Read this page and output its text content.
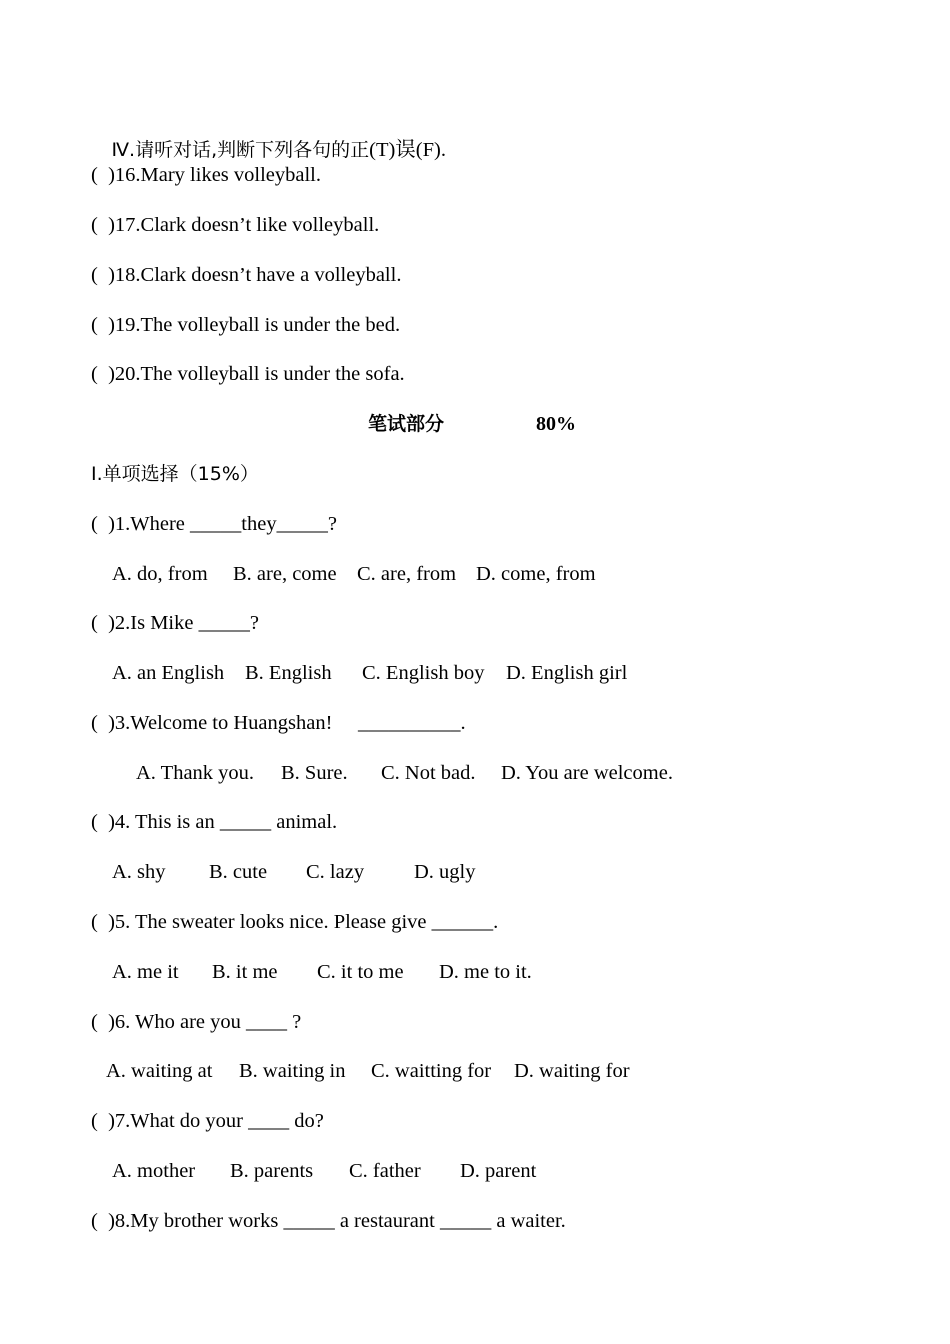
Ⅳ.请听对话,判断下列各句的正(T)误(F).

(  )16.Mary likes volleyball.
(  )17.Clark doesn’t like volleyball.
(  )18.Clark doesn’t have a volleyball.
(  )19.The volleyball is under the bed.
(  )20.The volleyball is under the sofa.
笔试部分	80%
I.单项选择（15%）
(  )1.Where _____they_____?
A. do, from B. are, come C. are, from D. come, from
(  )2.Is Mike _____?
A. an English B. English C. English boy D. English girl
(  )3.Welcome to Huangshan!     __________.
A. Thank you. B. Sure. C. Not bad. D. You are welcome.
(  )4. This is an _____ animal.
A. shy B. cute C. lazy D. ugly
(  )5. The sweater looks nice. Please give ______.
A. me it B. it me C. it to me D. me to it.
(  )6. Who are you ____ ?
A. waiting at B. waiting in C. waitting for D. waiting for
(  )7.What do your ____ do?
A. mother B. parents C. father D. parent
(  )8.My brother works _____ a restaurant _____ a waiter.
